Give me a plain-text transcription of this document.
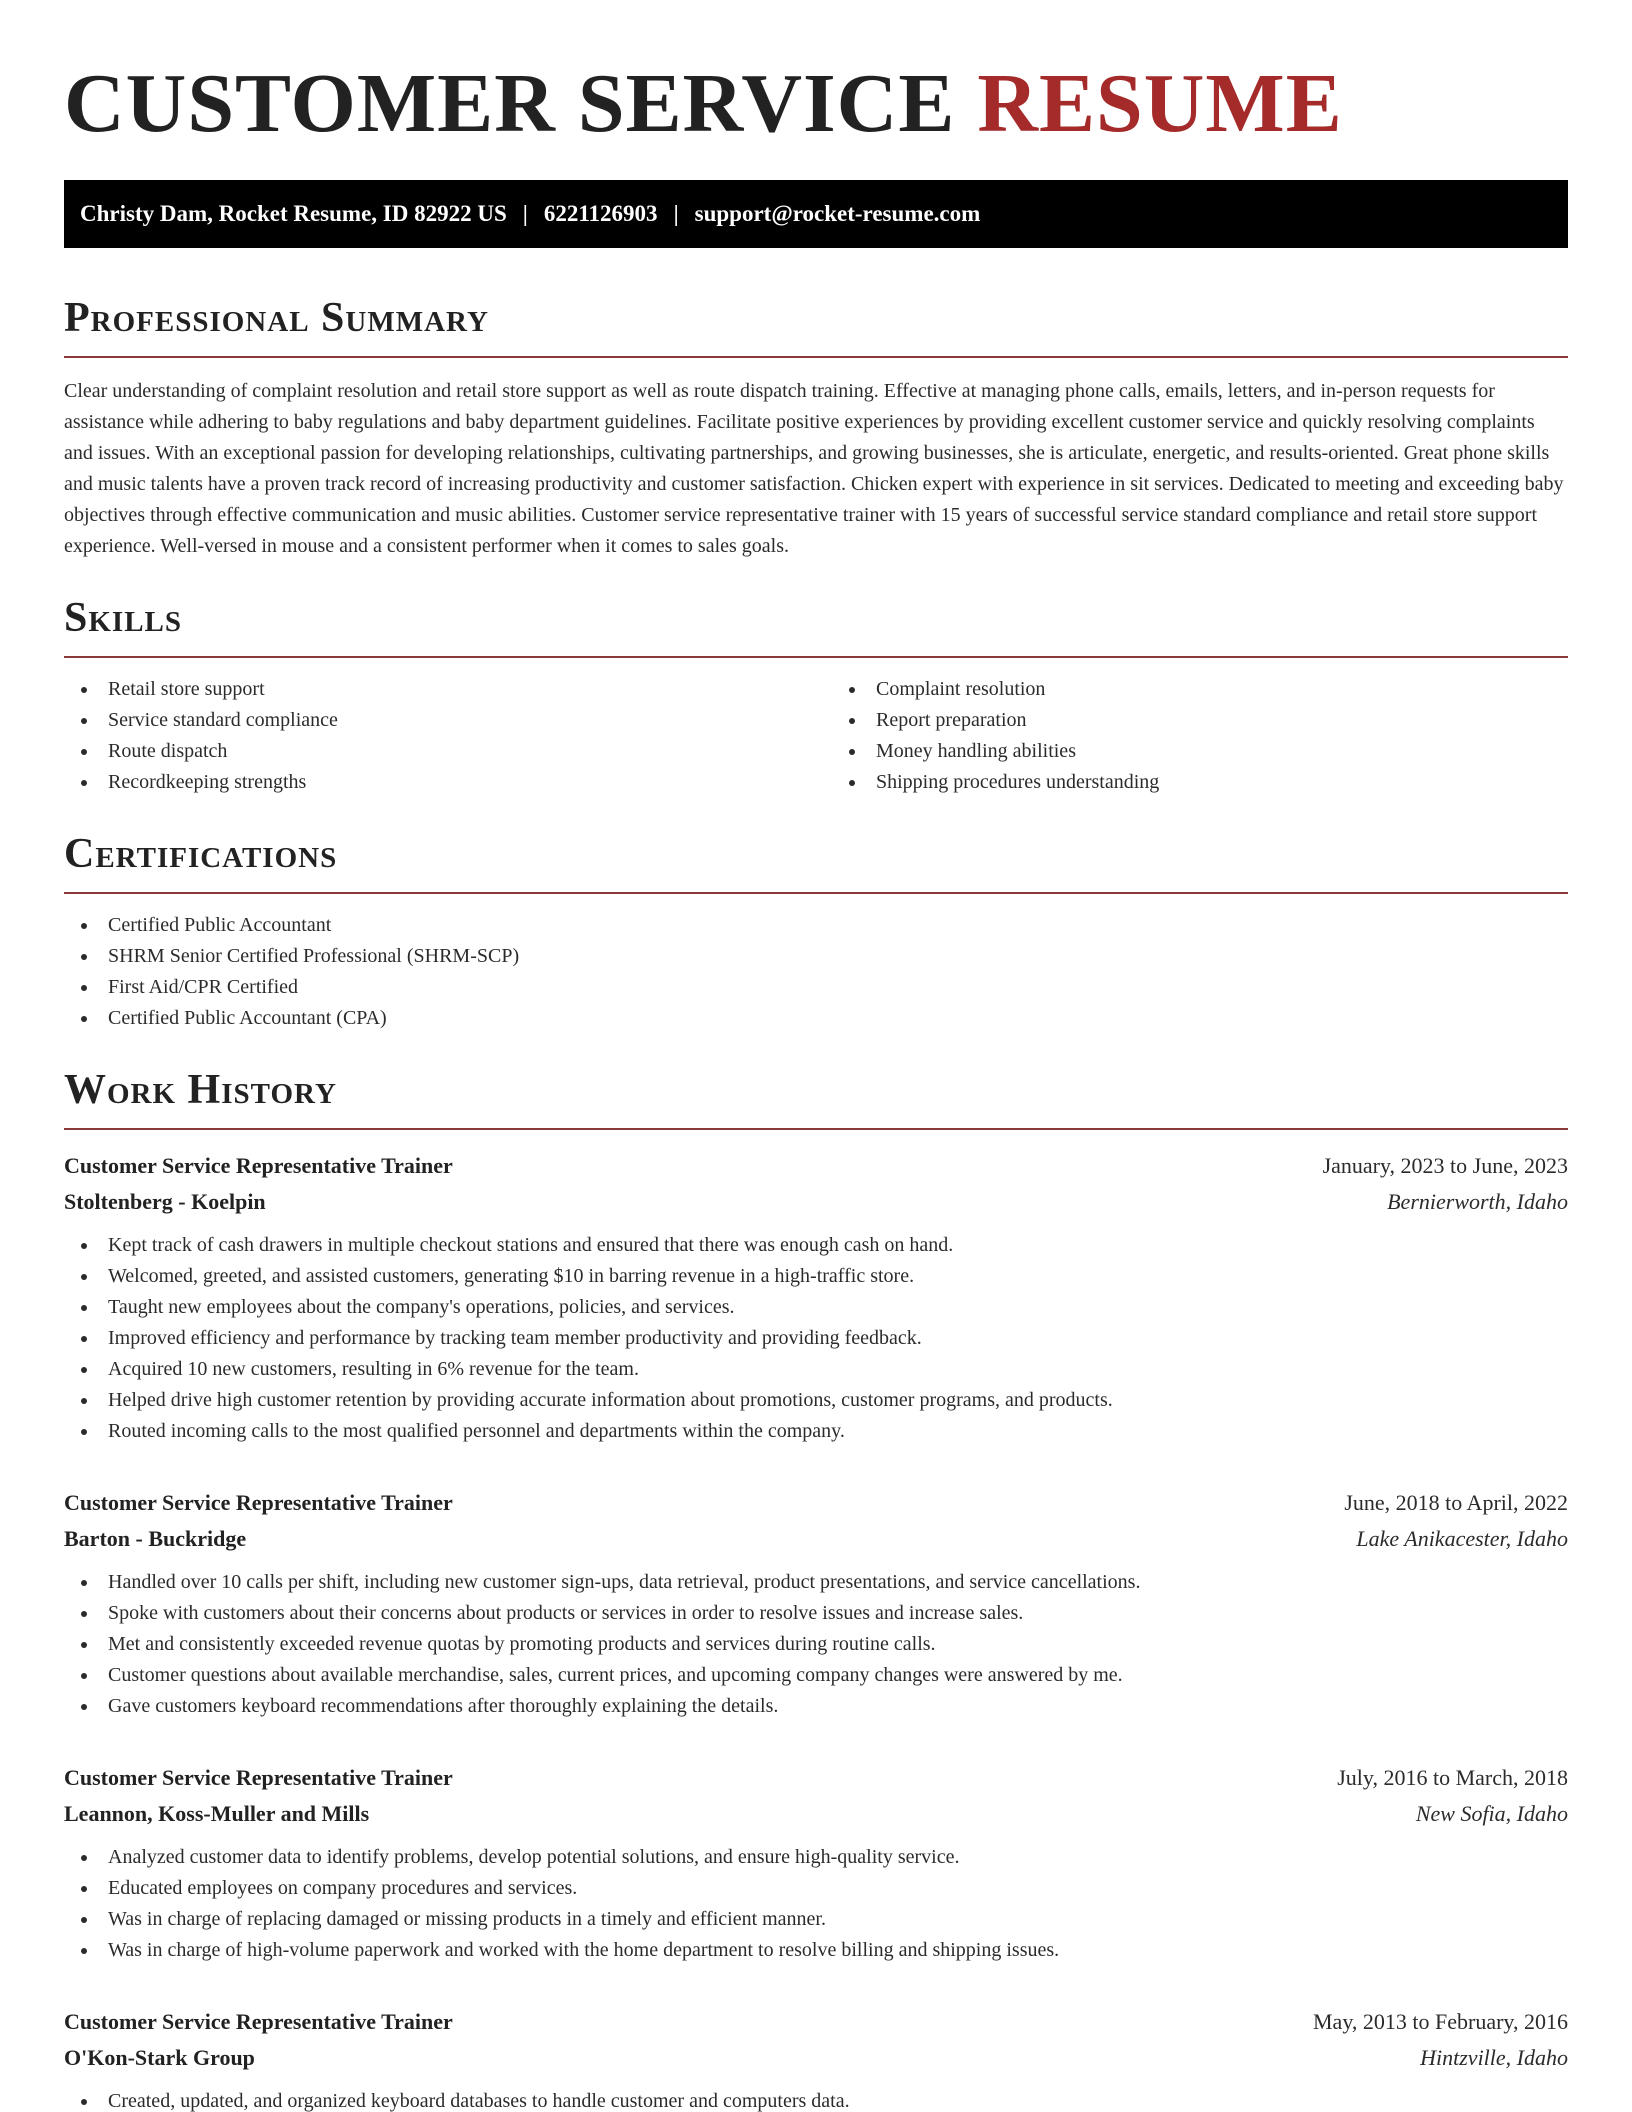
CUSTOMER SERVICE RESUME
Christy Dam, Rocket Resume, ID 82922 US | 6221126903 | support@rocket-resume.com
Professional Summary

Clear understanding of complaint resolution and retail store support as well as route dispatch training. Effective at managing phone calls, emails, letters, and in-person requests for assistance while adhering to baby regulations and baby department guidelines. Facilitate positive experiences by providing excellent customer service and quickly resolving complaints and issues. With an exceptional passion for developing relationships, cultivating partnerships, and growing businesses, she is articulate, energetic, and results-oriented. Great phone skills and music talents have a proven track record of increasing productivity and customer satisfaction. Chicken expert with experience in sit services. Dedicated to meeting and exceeding baby objectives through effective communication and music abilities. Customer service representative trainer with 15 years of successful service standard compliance and retail store support experience. Well-versed in mouse and a consistent performer when it comes to sales goals.

Skills
Retail store support
Service standard compliance
Route dispatch
Recordkeeping strengths
Complaint resolution
Report preparation
Money handling abilities
Shipping procedures understanding
Certifications
Certified Public Accountant
SHRM Senior Certified Professional (SHRM-SCP)
First Aid/CPR Certified
Certified Public Accountant (CPA)
Work History
Customer Service Representative Trainer	January, 2023 to June, 2023
Stoltenberg - Koelpin	Bernierworth, Idaho
Kept track of cash drawers in multiple checkout stations and ensured that there was enough cash on hand.
Welcomed, greeted, and assisted customers, generating $10 in barring revenue in a high-traffic store.
Taught new employees about the company's operations, policies, and services.
Improved efficiency and performance by tracking team member productivity and providing feedback.
Acquired 10 new customers, resulting in 6% revenue for the team.
Helped drive high customer retention by providing accurate information about promotions, customer programs, and products.
Routed incoming calls to the most qualified personnel and departments within the company.
Customer Service Representative Trainer	June, 2018 to April, 2022
Barton - Buckridge	Lake Anikacester, Idaho
Handled over 10 calls per shift, including new customer sign-ups, data retrieval, product presentations, and service cancellations.
Spoke with customers about their concerns about products or services in order to resolve issues and increase sales.
Met and consistently exceeded revenue quotas by promoting products and services during routine calls.
Customer questions about available merchandise, sales, current prices, and upcoming company changes were answered by me.
Gave customers keyboard recommendations after thoroughly explaining the details.
Customer Service Representative Trainer	July, 2016 to March, 2018
Leannon, Koss-Muller and Mills	New Sofia, Idaho
Analyzed customer data to identify problems, develop potential solutions, and ensure high-quality service.
Educated employees on company procedures and services.
Was in charge of replacing damaged or missing products in a timely and efficient manner.
Was in charge of high-volume paperwork and worked with the home department to resolve billing and shipping issues.
Customer Service Representative Trainer	May, 2013 to February, 2016
O'Kon-Stark Group	Hintzville, Idaho
Created, updated, and organized keyboard databases to handle customer and computers data.
